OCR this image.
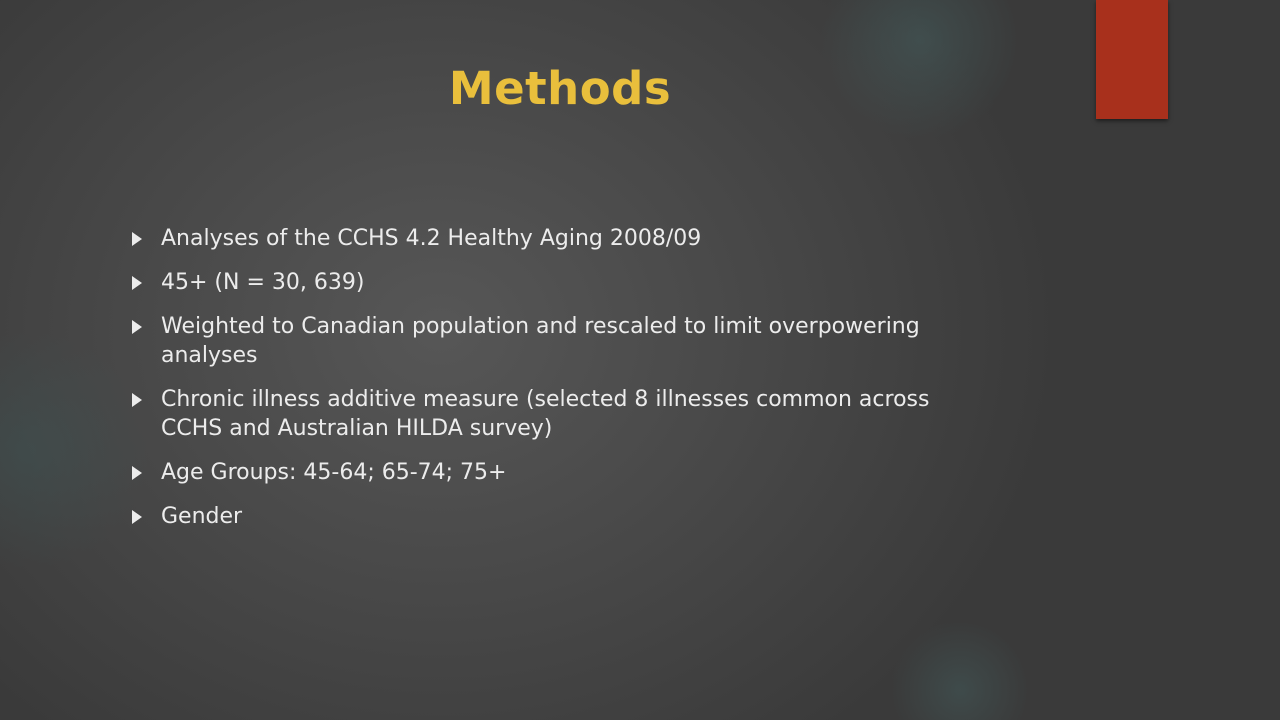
Methods
Analyses of the CCHS 4.2 Healthy Aging 2008/09
45+ (N = 30, 639)
Weighted to Canadian population and rescaled to limit overpowering analyses
Chronic illness additive measure (selected 8 illnesses common across CCHS and Australian HILDA survey)
Age Groups: 45-64; 65-74; 75+
Gender
